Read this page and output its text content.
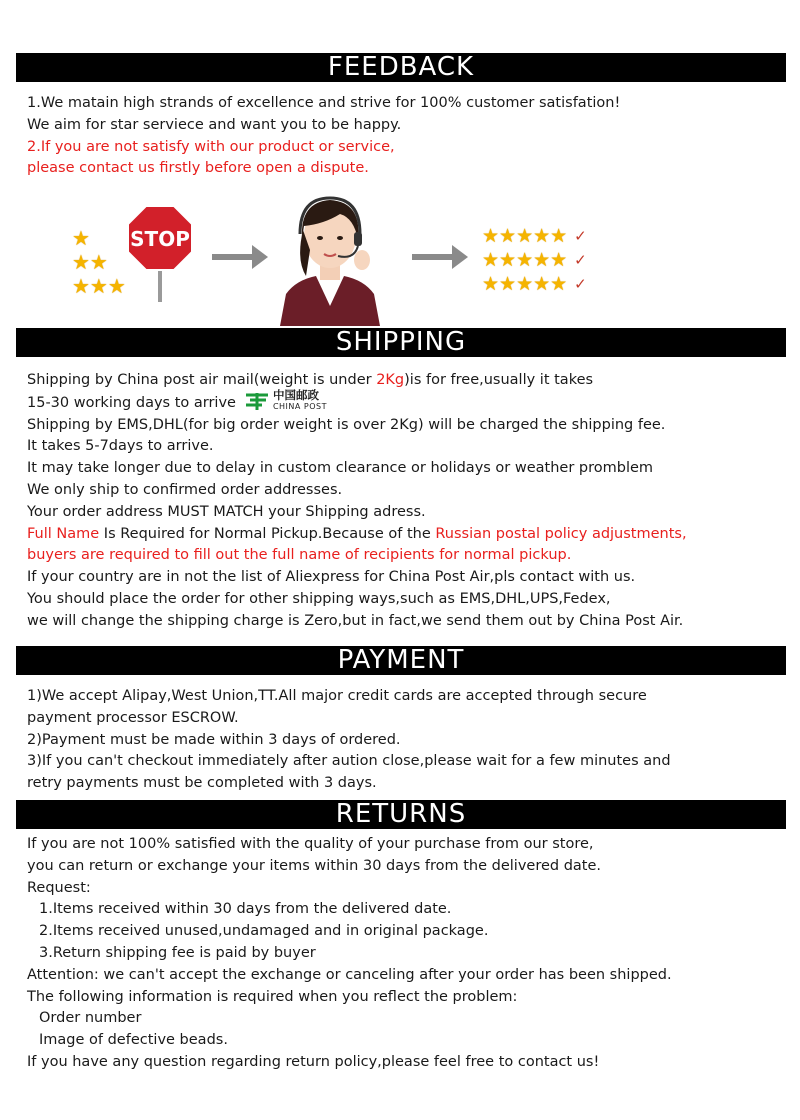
FEEDBACK
1.We matain high strands of excellence and strive for 100% customer satisfation!
We aim for star serviece and want you to be happy.
2.If you are not satisfy with our product or service,
please contact us firstly before open a dispute.
★
★★
★★★
STOP	★★★★★ ✓
★★★★★ ✓
★★★★★ ✓
SHIPPING
Shipping by China post air mail(weight is under 2Kg)is for free,usually it takes
15-30 working days to arrive	中国邮政
CHINA POST
Shipping by EMS,DHL(for big order weight is over 2Kg) will be charged the shipping fee.
It takes 5-7days to arrive.
It may take longer due to delay in custom clearance or holidays or weather promblem
We only ship to confirmed order addresses.
Your order address MUST MATCH your Shipping adress.
Full Name Is Required for Normal Pickup.Because of the Russian postal policy adjustments,
buyers are required to fill out the full name of recipients for normal pickup.
If your country are in not the list of Aliexpress for China Post Air,pls contact with us.
You should place the order for other shipping ways,such as EMS,DHL,UPS,Fedex,
we will change the shipping charge is Zero,but in fact,we send them out by China Post Air.
PAYMENT
1)We accept Alipay,West Union,TT.All major credit cards are accepted through secure
payment processor ESCROW.
2)Payment must be made within 3 days of ordered.
3)If you can't checkout immediately after aution close,please wait for a few minutes and
retry payments must be completed with 3 days.
RETURNS
If you are not 100% satisfied with the quality of your purchase from our store,
you can return or exchange your items within 30 days from the delivered date.
Request:
1.Items received within 30 days from the delivered date.
2.Items received unused,undamaged and in original package.
3.Return shipping fee is paid by buyer
Attention: we can't accept the exchange or canceling after your order has been shipped.
The following information is required when you reflect the problem:
Order number
Image of defective beads.
If you have any question regarding return policy,please feel free to contact us!
